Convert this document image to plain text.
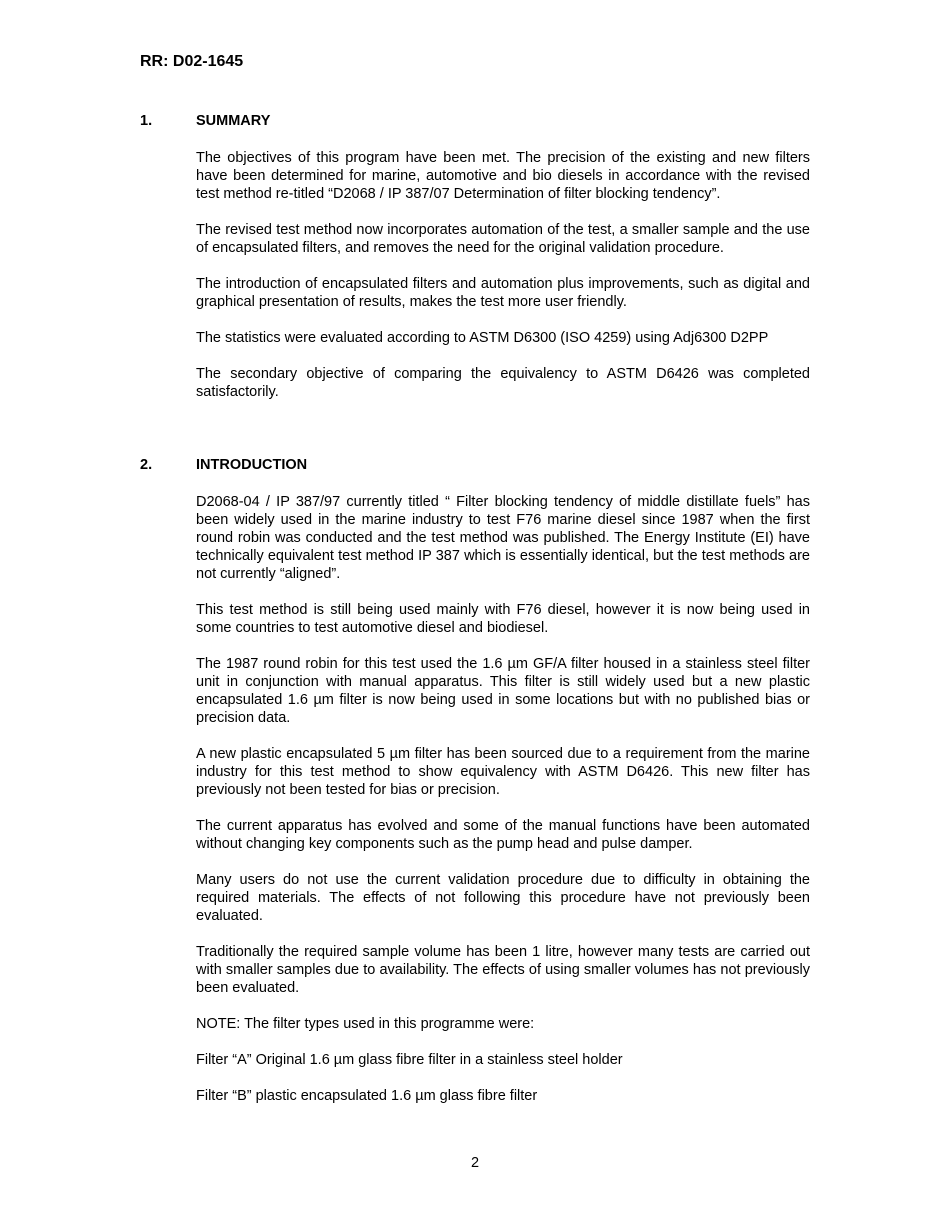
RR: D02-1645
1.	SUMMARY

The objectives of this program have been met. The precision of the existing and new filters have been determined for marine, automotive and bio diesels in accordance with the revised test method re-titled “D2068 / IP 387/07 Determination of filter blocking tendency”.

The revised test method now incorporates automation of the test, a smaller sample and the use of encapsulated filters, and removes the need for the original validation procedure.

The introduction of encapsulated filters and automation plus improvements, such as digital and graphical presentation of results, makes the test more user friendly.

The statistics were evaluated according to ASTM D6300 (ISO 4259) using Adj6300 D2PP

The secondary objective of comparing the equivalency to ASTM D6426 was completed satisfactorily.

2.	INTRODUCTION

D2068-04 / IP 387/97 currently titled “ Filter blocking tendency of middle distillate fuels” has been widely used in the marine industry to test F76 marine diesel since 1987 when the first round robin was conducted and the test method was published. The Energy Institute (EI) have technically equivalent test method IP 387 which is essentially identical, but the test methods are not currently “aligned”.

This test method is still being used mainly with F76 diesel, however it is now being used in some countries to test automotive diesel and biodiesel.

The 1987 round robin for this test used the 1.6 µm GF/A filter housed in a stainless steel filter unit in conjunction with manual apparatus. This filter is still widely used but a new plastic encapsulated 1.6 µm filter is now being used in some locations but with no published bias or precision data.

A new plastic encapsulated 5 µm filter has been sourced due to a requirement from the marine industry for this test method to show equivalency with ASTM D6426. This new filter has previously not been tested for bias or precision.

The current apparatus has evolved and some of the manual functions have been automated without changing key components such as the pump head and pulse damper.

Many users do not use the current validation procedure due to difficulty in obtaining the required materials. The effects of not following this procedure have not previously been evaluated.

Traditionally the required sample volume has been 1 litre, however many tests are carried out with smaller samples due to availability. The effects of using smaller volumes has not previously been evaluated.

NOTE: The filter types used in this programme were:

Filter “A” Original 1.6 µm glass fibre filter in a stainless steel holder

Filter “B” plastic encapsulated 1.6 µm glass fibre filter

2
